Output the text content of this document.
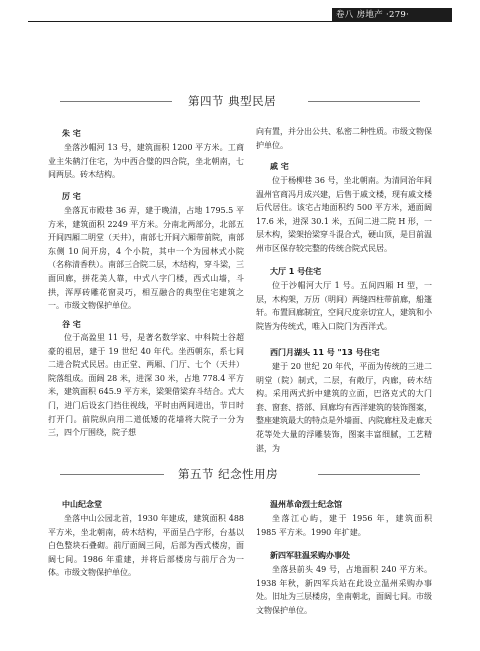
卷八 房地产 ·279·
第四节 典型民居
朱 宅

坐落沙帽河 13 号，建筑面积 1200 平方米。工商业主朱鹤汀住宅，为中西合璧的四合院，坐北朝南，七间两层。砖木结构。

厉 宅

坐落瓦市殿巷 36 弄，建于晚清，占地 1795.5 平方米，建筑面积 2249 平方米。分南北两部分，北部五开间四厢二明堂（天井），南部七开间六厢带前院，南部东侧 10 间开房，4 个小院，其中一个为园林式小院（名称清香秩）。南部三合院二层，木结构，穿斗梁，三面回廊，拼花美人靠，中式八字门楼，西式山墙，斗拱，浑厚砖雕花窗灵巧，相互融合的典型住宅建筑之一。市级文物保护单位。

谷 宅

位于高盈里 11 号，是著名数学家、中科院士谷超豪的祖居，建于 19 世纪 40 年代。坐西朝东，系七间二进合院式民居。由正堂、两厢、门厅、七个（天井）院落组成。面阔 28 米，进深 30 米，占地 778.4 平方米，建筑面积 645.9 平方米，梁架借梁弃斗结合。式大门，进门后设玄门挡住视线，平时由两间进出，节日时打开门。前院纵向用二道低矮的花墙将大院子一分为三，四个厅围绕，院子想

向有置，并分出公共、私密二种性质。市级文物保护单位。

戚 宅

位于杨柳巷 36 号，坐北朝南。为清同治年间温州官商冯月成兴建，后售于戚文楼，现有戚文楼后代居住。该宅占地面积约 500 平方米，通面阔 17.6 米，进深 30.1 米，五间二进二院 H 形，一层木构，梁架抬梁穿斗混合式，硬山顶，是目前温州市区保存较完整的传统合院式民居。

大厅 1 号住宅

位于沙帽河大厅 1 号。五间四厢 H 型，一层，木构架，万历（明间）两缝四柱带前廊，船篷轩。布置回廊制宜，空间尺度亲切宜人，建筑和小院皆为传统式，唯入口院门为西洋式。

西门月湖头 11 号 "13 号住宅

建于 20 世纪 20 年代，平面为传统的三进二明堂（院）制式，二层，有敞厅，内廊，砖木结构。采用两式折中建筑的立面，巴洛克式的大门套、窗套、搭部、回廊均有西洋建筑的装饰图案，整座建筑最大的特点是外墙面、内院廊柱及走廊天花等处大量的浮雕装饰，图案丰富细腻，工艺精湛，为

第五节 纪念性用房
中山纪念堂

坐落中山公园北首，1930 年建成，建筑面积 488 平方米，坐北朝南，砖木结构，平面呈凸字形，台基以白色整块石叠砌。前厅面阔三间，后部为西式楼房，面阔七间。1986 年重建，并将后部楼房与前厅合为一体。市级文物保护单位。

温州革命烈士纪念馆

坐落江心屿，建于 1956 年，建筑面积 1985 平方米。1990 年扩建。

新四军驻温采购办事处

坐落县前头 49 号，占地面积 240 平方米。1938 年秋，新四军兵站在此设立温州采购办事处。旧址为三层楼房，坐南朝北，面阔七间。市级文物保护单位。
